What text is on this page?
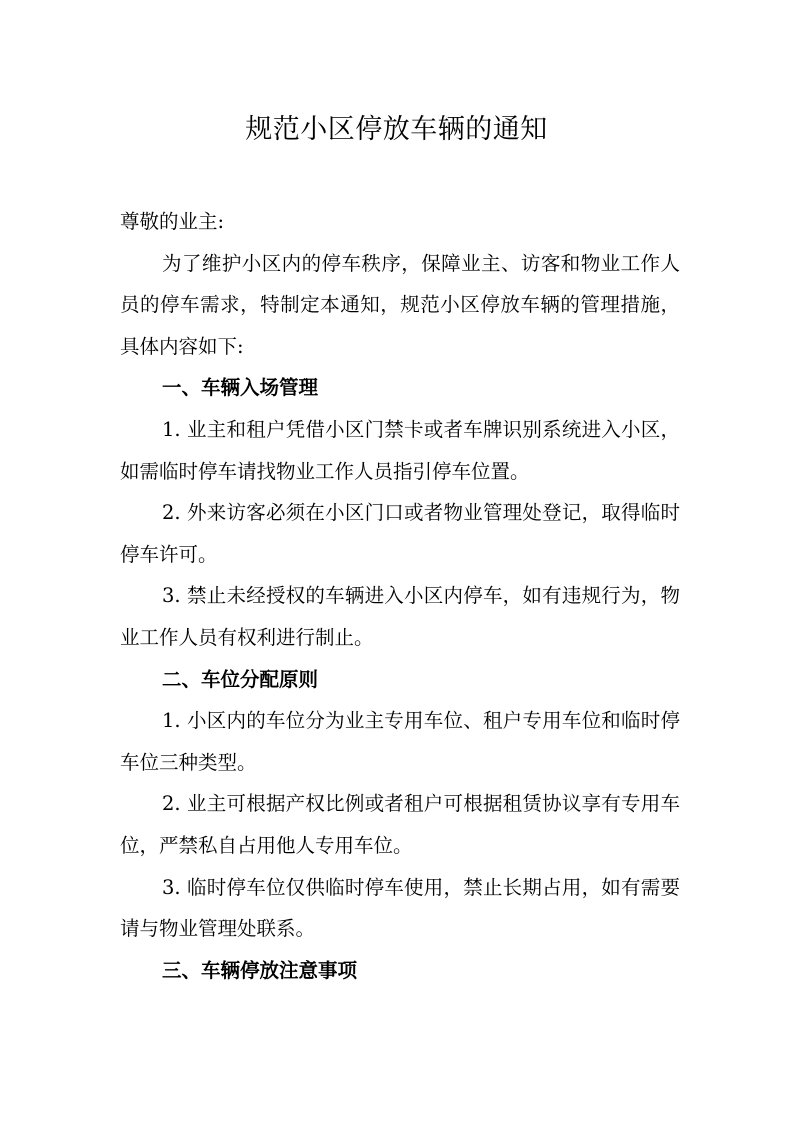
规范小区停放车辆的通知

尊敬的业主:

为了维护小区内的停车秩序，保障业主、访客和物业工作人员的停车需求，特制定本通知，规范小区停放车辆的管理措施，具体内容如下:

一、车辆入场管理

1. 业主和租户凭借小区门禁卡或者车牌识别系统进入小区，如需临时停车请找物业工作人员指引停车位置。

2. 外来访客必须在小区门口或者物业管理处登记，取得临时停车许可。

3. 禁止未经授权的车辆进入小区内停车，如有违规行为，物业工作人员有权利进行制止。

二、车位分配原则

1. 小区内的车位分为业主专用车位、租户专用车位和临时停车位三种类型。

2. 业主可根据产权比例或者租户可根据租赁协议享有专用车位，严禁私自占用他人专用车位。

3. 临时停车位仅供临时停车使用，禁止长期占用，如有需要请与物业管理处联系。

三、车辆停放注意事项
